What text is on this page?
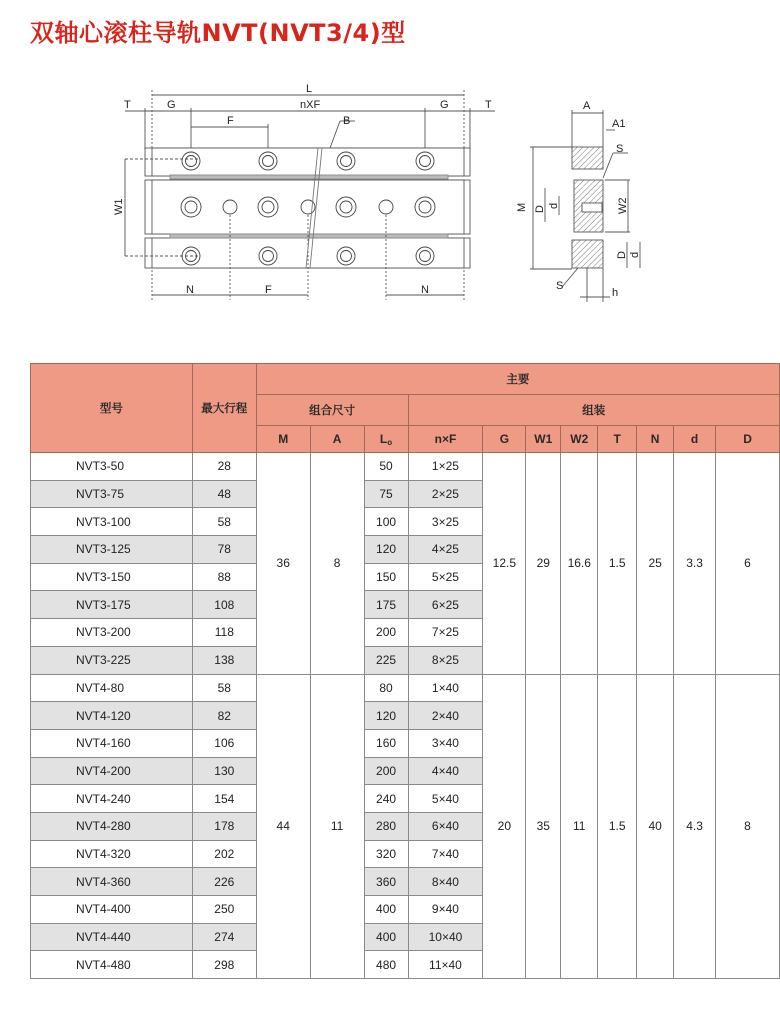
双轴心滚柱导轨NVT(NVT3/4)型
L
T	G	nXF	G	T
F	B
W1
N	F	N
A
A1
S
M D d	W2
D d
S
h
型号	最大行程	主要										
		组合尺寸			组装							
		M	A	$L_o$	n×F	G	W1	W2	T	N	d	D
NVT3-50	28	36	8	50	1×25	12.5	29	16.6	1.5	25	3.3	6
NVT3-75	48			75	2×25							
NVT3-100	58			100	3×25							
NVT3-125	78			120	4×25							
NVT3-150	88			150	5×25							
NVT3-175	108			175	6×25							
NVT3-200	118			200	7×25							
NVT3-225	138			225	8×25							
NVT4-80	58	44	11	80	1×40	20	35	11	1.5	40	4.3	8
NVT4-120	82			120	2×40							
NVT4-160	106			160	3×40							
NVT4-200	130			200	4×40							
NVT4-240	154			240	5×40							
NVT4-280	178			280	6×40							
NVT4-320	202			320	7×40							
NVT4-360	226			360	8×40							
NVT4-400	250			400	9×40							
NVT4-440	274			400	10×40							
NVT4-480	298			480	11×40							
